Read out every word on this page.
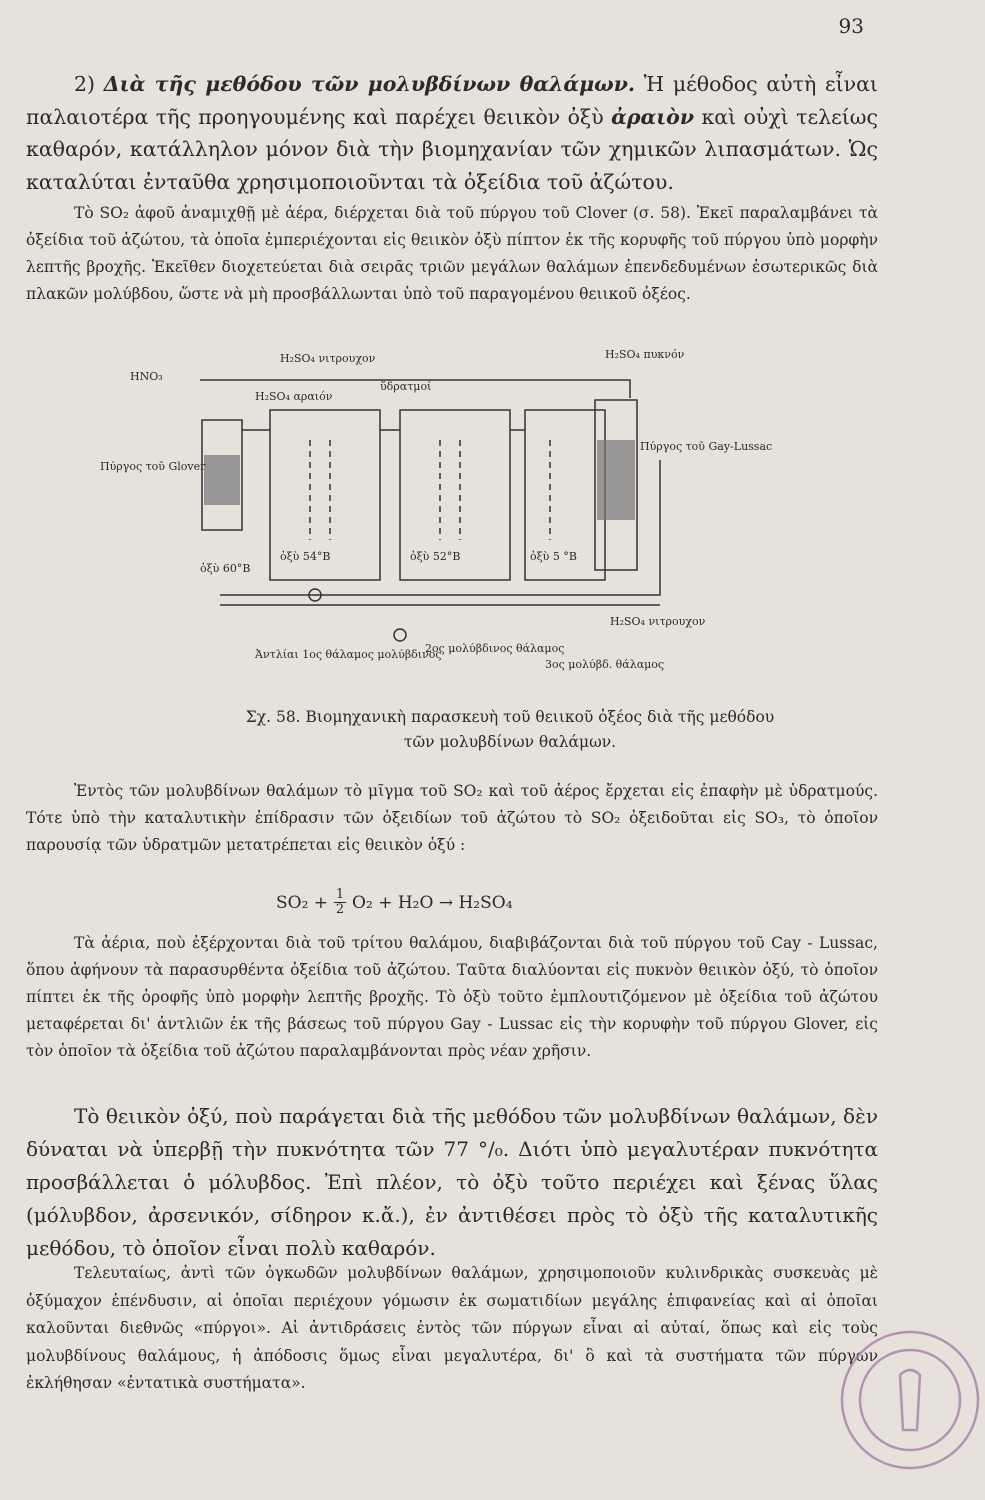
93

2) Διὰ τῆς μεθόδου τῶν μολυβδίνων θαλάμων. Ἡ μέθοδος αὐτὴ εἶναι παλαιοτέρα τῆς προηγουμένης καὶ παρέχει θειικὸν ὀξὺ ἀραιὸν καὶ οὐχὶ τελείως καθαρόν, κατάλληλον μόνον διὰ τὴν βιομηχανίαν τῶν χημικῶν λιπασμάτων. Ὡς καταλύται ἐνταῦθα χρησιμοποιοῦνται τὰ ὀξείδια τοῦ ἀζώτου.

Τὸ SO₂ ἀφοῦ ἀναμιχθῇ μὲ ἀέρα, διέρχεται διὰ τοῦ πύργου τοῦ Clover (σ. 58). Ἐκεῖ παραλαμβάνει τὰ ὀξείδια τοῦ ἀζώτου, τὰ ὁποῖα ἐμπεριέχονται εἰς θειικὸν ὀξὺ πίπτον ἐκ τῆς κορυφῆς τοῦ πύργου ὑπὸ μορφὴν λεπτῆς βροχῆς. Ἐκεῖθεν διοχετεύεται διὰ σειρᾶς τριῶν μεγάλων θαλάμων ἐπενδεδυμένων ἐσωτερικῶς διὰ πλακῶν μολύβδου, ὥστε νὰ μὴ προσβάλλωνται ὑπὸ τοῦ παραγομένου θειικοῦ ὀξέος.

HNO₃
H₂SO₄ νιτρουχον
H₂SO₄ αραιόν
ὕδρατμοί
H₂SO₄ πυκνόν
Πύργος τοῦ Glover
Πύργος τοῦ Gay-Lussac
ὀξὺ 60°B
ὀξὺ 54°B	ὀξὺ 52°B	ὀξὺ 5 °B
H₂SO₄ νιτρουχον
Ἀντλίαι 1ος θάλαμος μολύβδινος
2ος μολύβδινος θάλαμος
3ος μολύβδ. θάλαμος
Σχ. 58. Βιομηχανικὴ παρασκευὴ τοῦ θειικοῦ ὀξέος διὰ τῆς μεθόδου
τῶν μολυβδίνων θαλάμων.

Ἐντὸς τῶν μολυβδίνων θαλάμων τὸ μῖγμα τοῦ SO₂ καὶ τοῦ ἀέρος ἔρχεται εἰς ἐπαφὴν μὲ ὑδρατμούς. Τότε ὑπὸ τὴν καταλυτικὴν ἐπίδρασιν τῶν ὀξειδίων τοῦ ἀζώτου τὸ SO₂ ὀξειδοῦται εἰς SO₃, τὸ ὁποῖον παρουσίᾳ τῶν ὑδρατμῶν μετατρέπεται εἰς θειικὸν ὀξύ :

$SO_2 + \frac{1}{2} O_2 + H_2O \to H_2SO_4$

Τὰ ἀέρια, ποὺ ἐξέρχονται διὰ τοῦ τρίτου θαλάμου, διαβιβάζονται διὰ τοῦ πύργου τοῦ Cay - Lussac, ὅπου ἀφήνουν τὰ παρασυρθέντα ὀξείδια τοῦ ἀζώτου. Ταῦτα διαλύονται εἰς πυκνὸν θειικὸν ὀξύ, τὸ ὁποῖον πίπτει ἐκ τῆς ὀροφῆς ὑπὸ μορφὴν λεπτῆς βροχῆς. Τὸ ὀξὺ τοῦτο ἐμπλουτιζόμενον μὲ ὀξείδια τοῦ ἀζώτου μεταφέρεται δι' ἀντλιῶν ἐκ τῆς βάσεως τοῦ πύργου Gay - Lussac εἰς τὴν κορυφὴν τοῦ πύργου Glover, εἰς τὸν ὁποῖον τὰ ὀξείδια τοῦ ἀζώτου παραλαμβάνονται πρὸς νέαν χρῆσιν.

Τὸ θειικὸν ὀξύ, ποὺ παράγεται διὰ τῆς μεθόδου τῶν μολυβδίνων θαλάμων, δὲν δύναται νὰ ὑπερβῇ τὴν πυκνότητα τῶν 77 °/₀. Διότι ὑπὸ μεγαλυτέραν πυκνότητα προσβάλλεται ὁ μόλυβδος. Ἐπὶ πλέον, τὸ ὀξὺ τοῦτο περιέχει καὶ ξένας ὕλας (μόλυβδον, ἀρσενικόν, σίδηρον κ.ἄ.), ἐν ἀντιθέσει πρὸς τὸ ὀξὺ τῆς καταλυτικῆς μεθόδου, τὸ ὁποῖον εἶναι πολὺ καθαρόν.

Τελευταίως, ἀντὶ τῶν ὀγκωδῶν μολυβδίνων θαλάμων, χρησιμοποιοῦν κυλινδρικὰς συσκευὰς μὲ ὀξύμαχον ἐπένδυσιν, αἱ ὁποῖαι περιέχουν γόμωσιν ἐκ σωματιδίων μεγάλης ἐπιφανείας καὶ αἱ ὁποῖαι καλοῦνται διεθνῶς «πύργοι». Αἱ ἀντιδράσεις ἐντὸς τῶν πύργων εἶναι αἱ αὐταί, ὅπως καὶ εἰς τοὺς μολυβδίνους θαλάμους, ἡ ἀπόδοσις ὅμως εἶναι μεγαλυτέρα, δι' ὃ καὶ τὰ συστήματα τῶν πύργων ἐκλήθησαν «ἐντατικὰ συστήματα».
